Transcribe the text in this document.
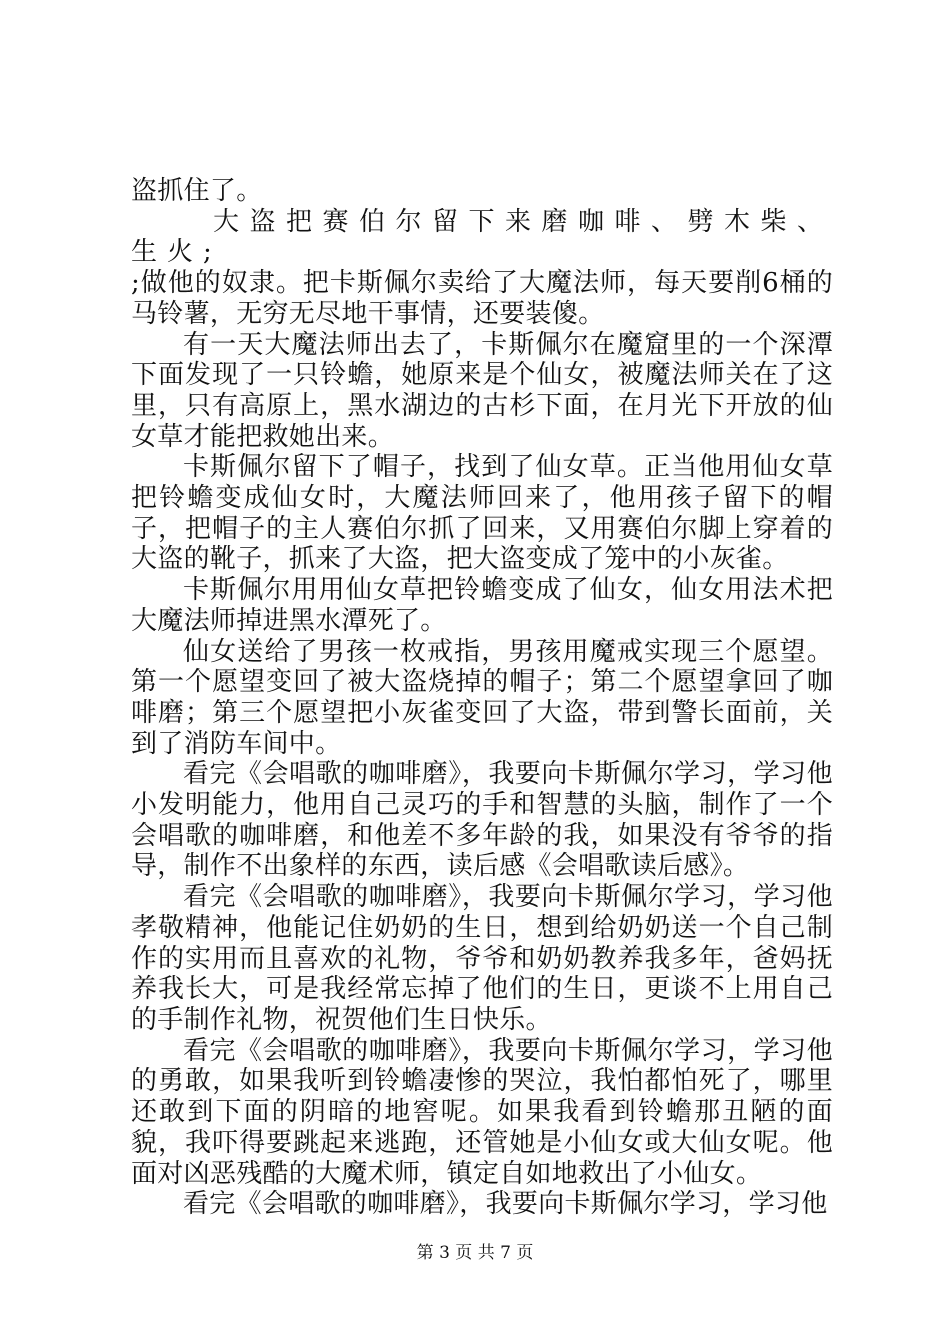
盗抓住了。

大盗把赛伯尔留下来磨咖啡、劈木柴、生火;

;做他的奴隶。把卡斯佩尔卖给了大魔法师，每天要削6桶的马铃薯，无穷无尽地干事情，还要装傻。

有一天大魔法师出去了，卡斯佩尔在魔窟里的一个深潭下面发现了一只铃蟾，她原来是个仙女，被魔法师关在了这里，只有高原上，黑水湖边的古杉下面，在月光下开放的仙女草才能把救她出来。

卡斯佩尔留下了帽子，找到了仙女草。正当他用仙女草把铃蟾变成仙女时，大魔法师回来了，他用孩子留下的帽子，把帽子的主人赛伯尔抓了回来，又用赛伯尔脚上穿着的大盗的靴子，抓来了大盗，把大盗变成了笼中的小灰雀。

卡斯佩尔用用仙女草把铃蟾变成了仙女，仙女用法术把大魔法师掉进黑水潭死了。

仙女送给了男孩一枚戒指，男孩用魔戒实现三个愿望。第一个愿望变回了被大盗烧掉的帽子；第二个愿望拿回了咖啡磨；第三个愿望把小灰雀变回了大盗，带到警长面前，关到了消防车间中。

看完《会唱歌的咖啡磨》，我要向卡斯佩尔学习，学习他小发明能力，他用自己灵巧的手和智慧的头脑，制作了一个会唱歌的咖啡磨，和他差不多年龄的我，如果没有爷爷的指导，制作不出象样的东西，读后感《会唱歌读后感》。

看完《会唱歌的咖啡磨》，我要向卡斯佩尔学习，学习他孝敬精神，他能记住奶奶的生日，想到给奶奶送一个自己制作的实用而且喜欢的礼物，爷爷和奶奶教养我多年，爸妈抚养我长大，可是我经常忘掉了他们的生日，更谈不上用自己的手制作礼物，祝贺他们生日快乐。

看完《会唱歌的咖啡磨》，我要向卡斯佩尔学习，学习他的勇敢，如果我听到铃蟾凄惨的哭泣，我怕都怕死了，哪里还敢到下面的阴暗的地窖呢。如果我看到铃蟾那丑陋的面貌，我吓得要跳起来逃跑，还管她是小仙女或大仙女呢。他面对凶恶残酷的大魔术师，镇定自如地救出了小仙女。

看完《会唱歌的咖啡磨》，我要向卡斯佩尔学习，学习他

第 3 页 共 7 页
